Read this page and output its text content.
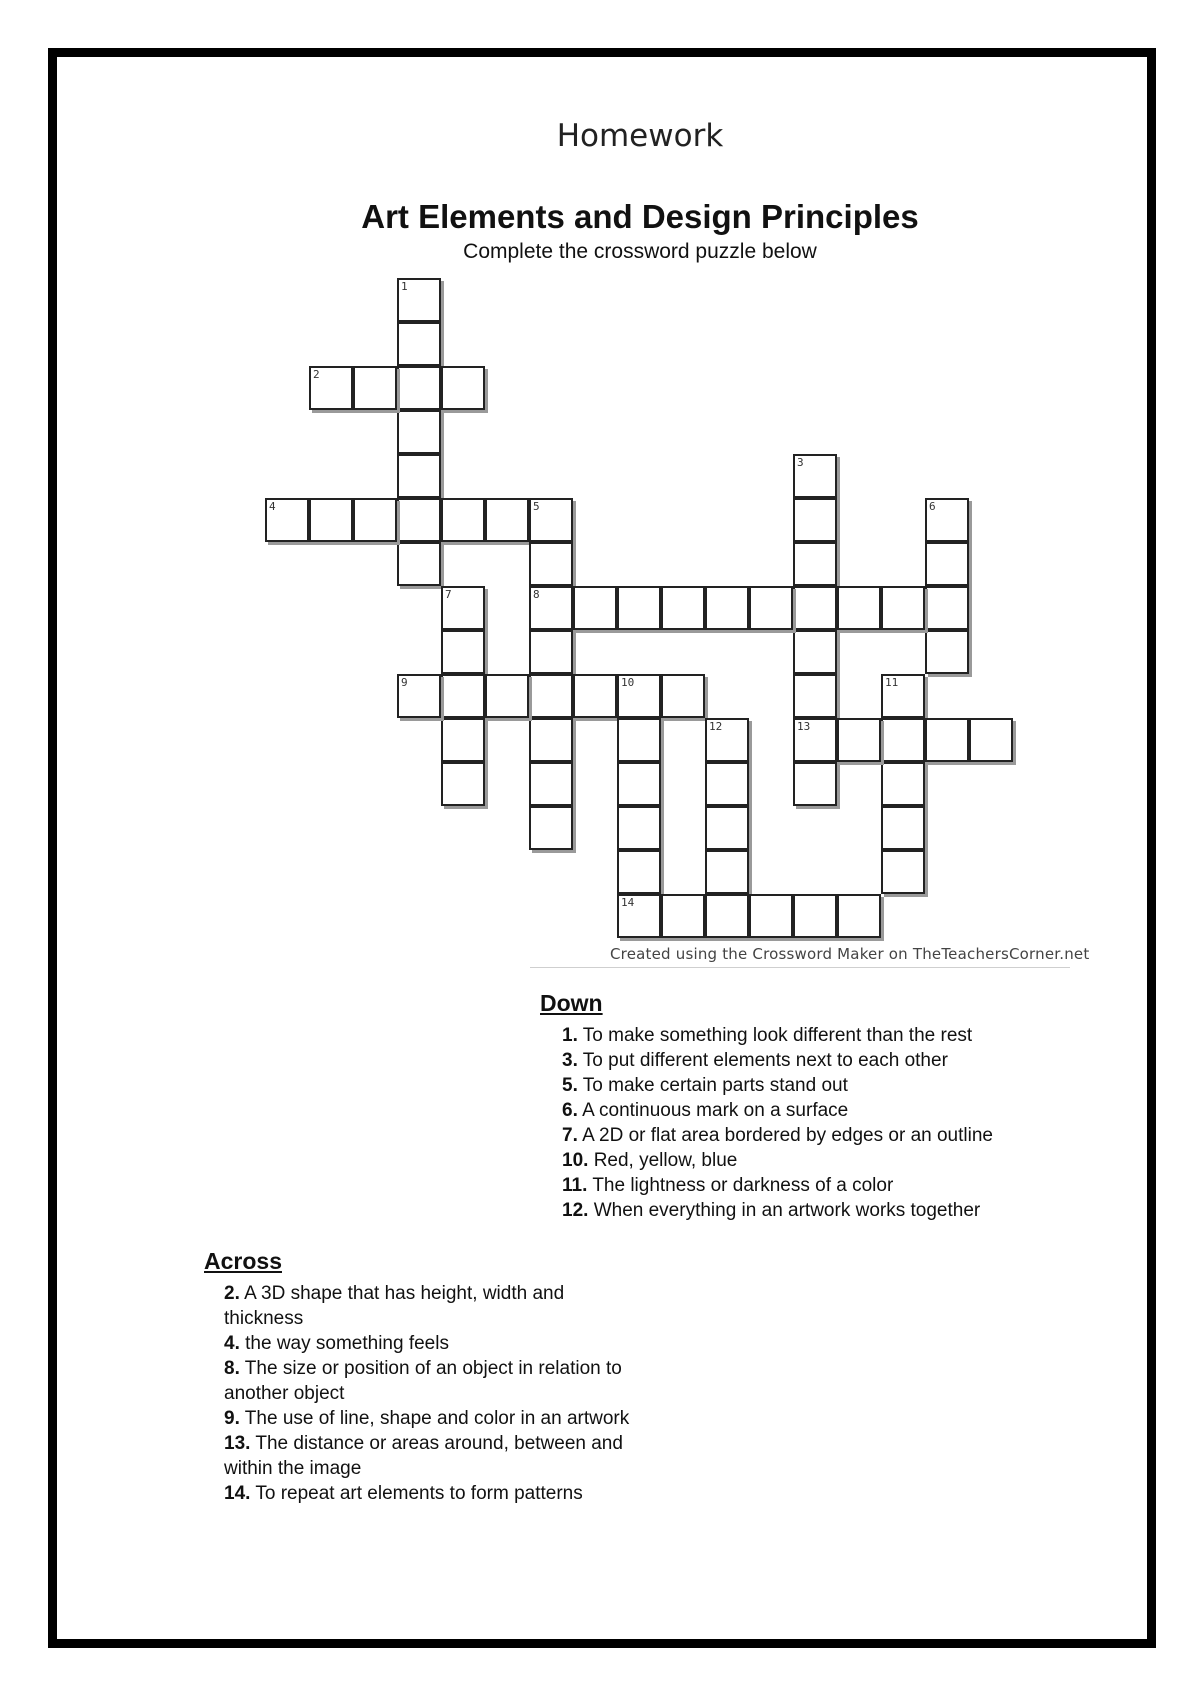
Homework
Art Elements and Design Principles
Complete the crossword puzzle below
1
2
3
13
4	5
8
6
7
9	10
14
11
12
Created using the Crossword Maker on TheTeachersCorner.net
Down

1. To make something look different than the rest

3. To put different elements next to each other

5. To make certain parts stand out

6. A continuous mark on a surface

7. A 2D or flat area bordered by edges or an outline

10. Red, yellow, blue

11. The lightness or darkness of a color

12. When everything in an artwork works together

Across

2. A 3D shape that has height, width and thickness

4. the way something feels

8. The size or position of an object in relation to another object

9. The use of line, shape and color in an artwork

13. The distance or areas around, between and within the image

14. To repeat art elements to form patterns
